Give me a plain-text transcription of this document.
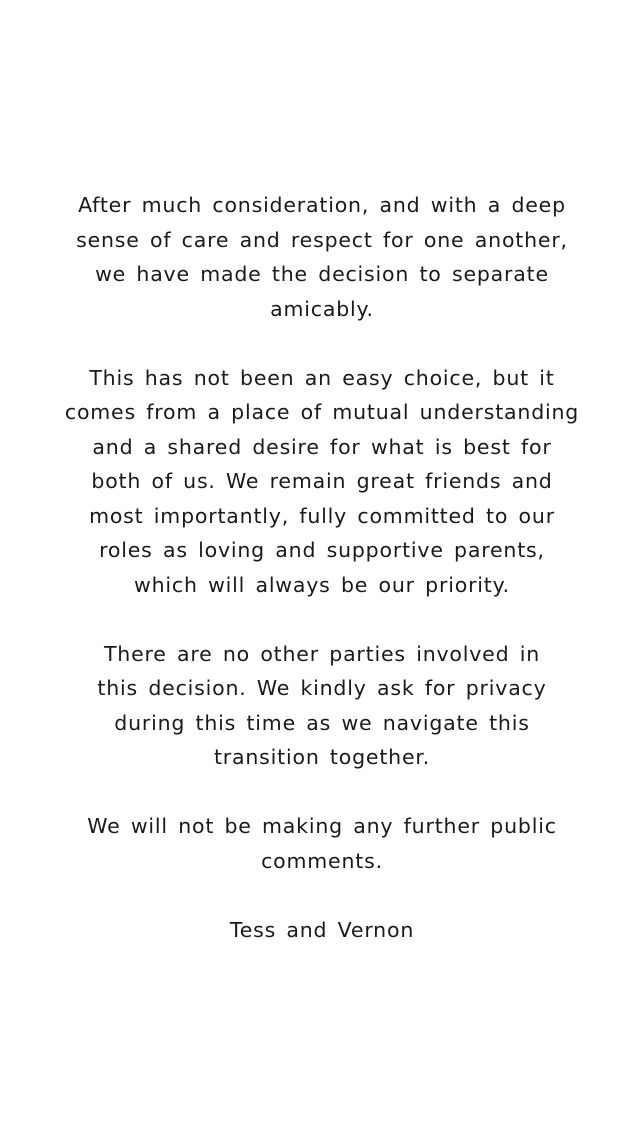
After much consideration, and with a deep
sense of care and respect for one another,
we have made the decision to separate
amicably.

This has not been an easy choice, but it
comes from a place of mutual understanding
and a shared desire for what is best for
both of us. We remain great friends and
most importantly, fully committed to our
roles as loving and supportive parents,
which will always be our priority.

There are no other parties involved in
this decision. We kindly ask for privacy
during this time as we navigate this
transition together.

We will not be making any further public
comments.

Tess and Vernon
